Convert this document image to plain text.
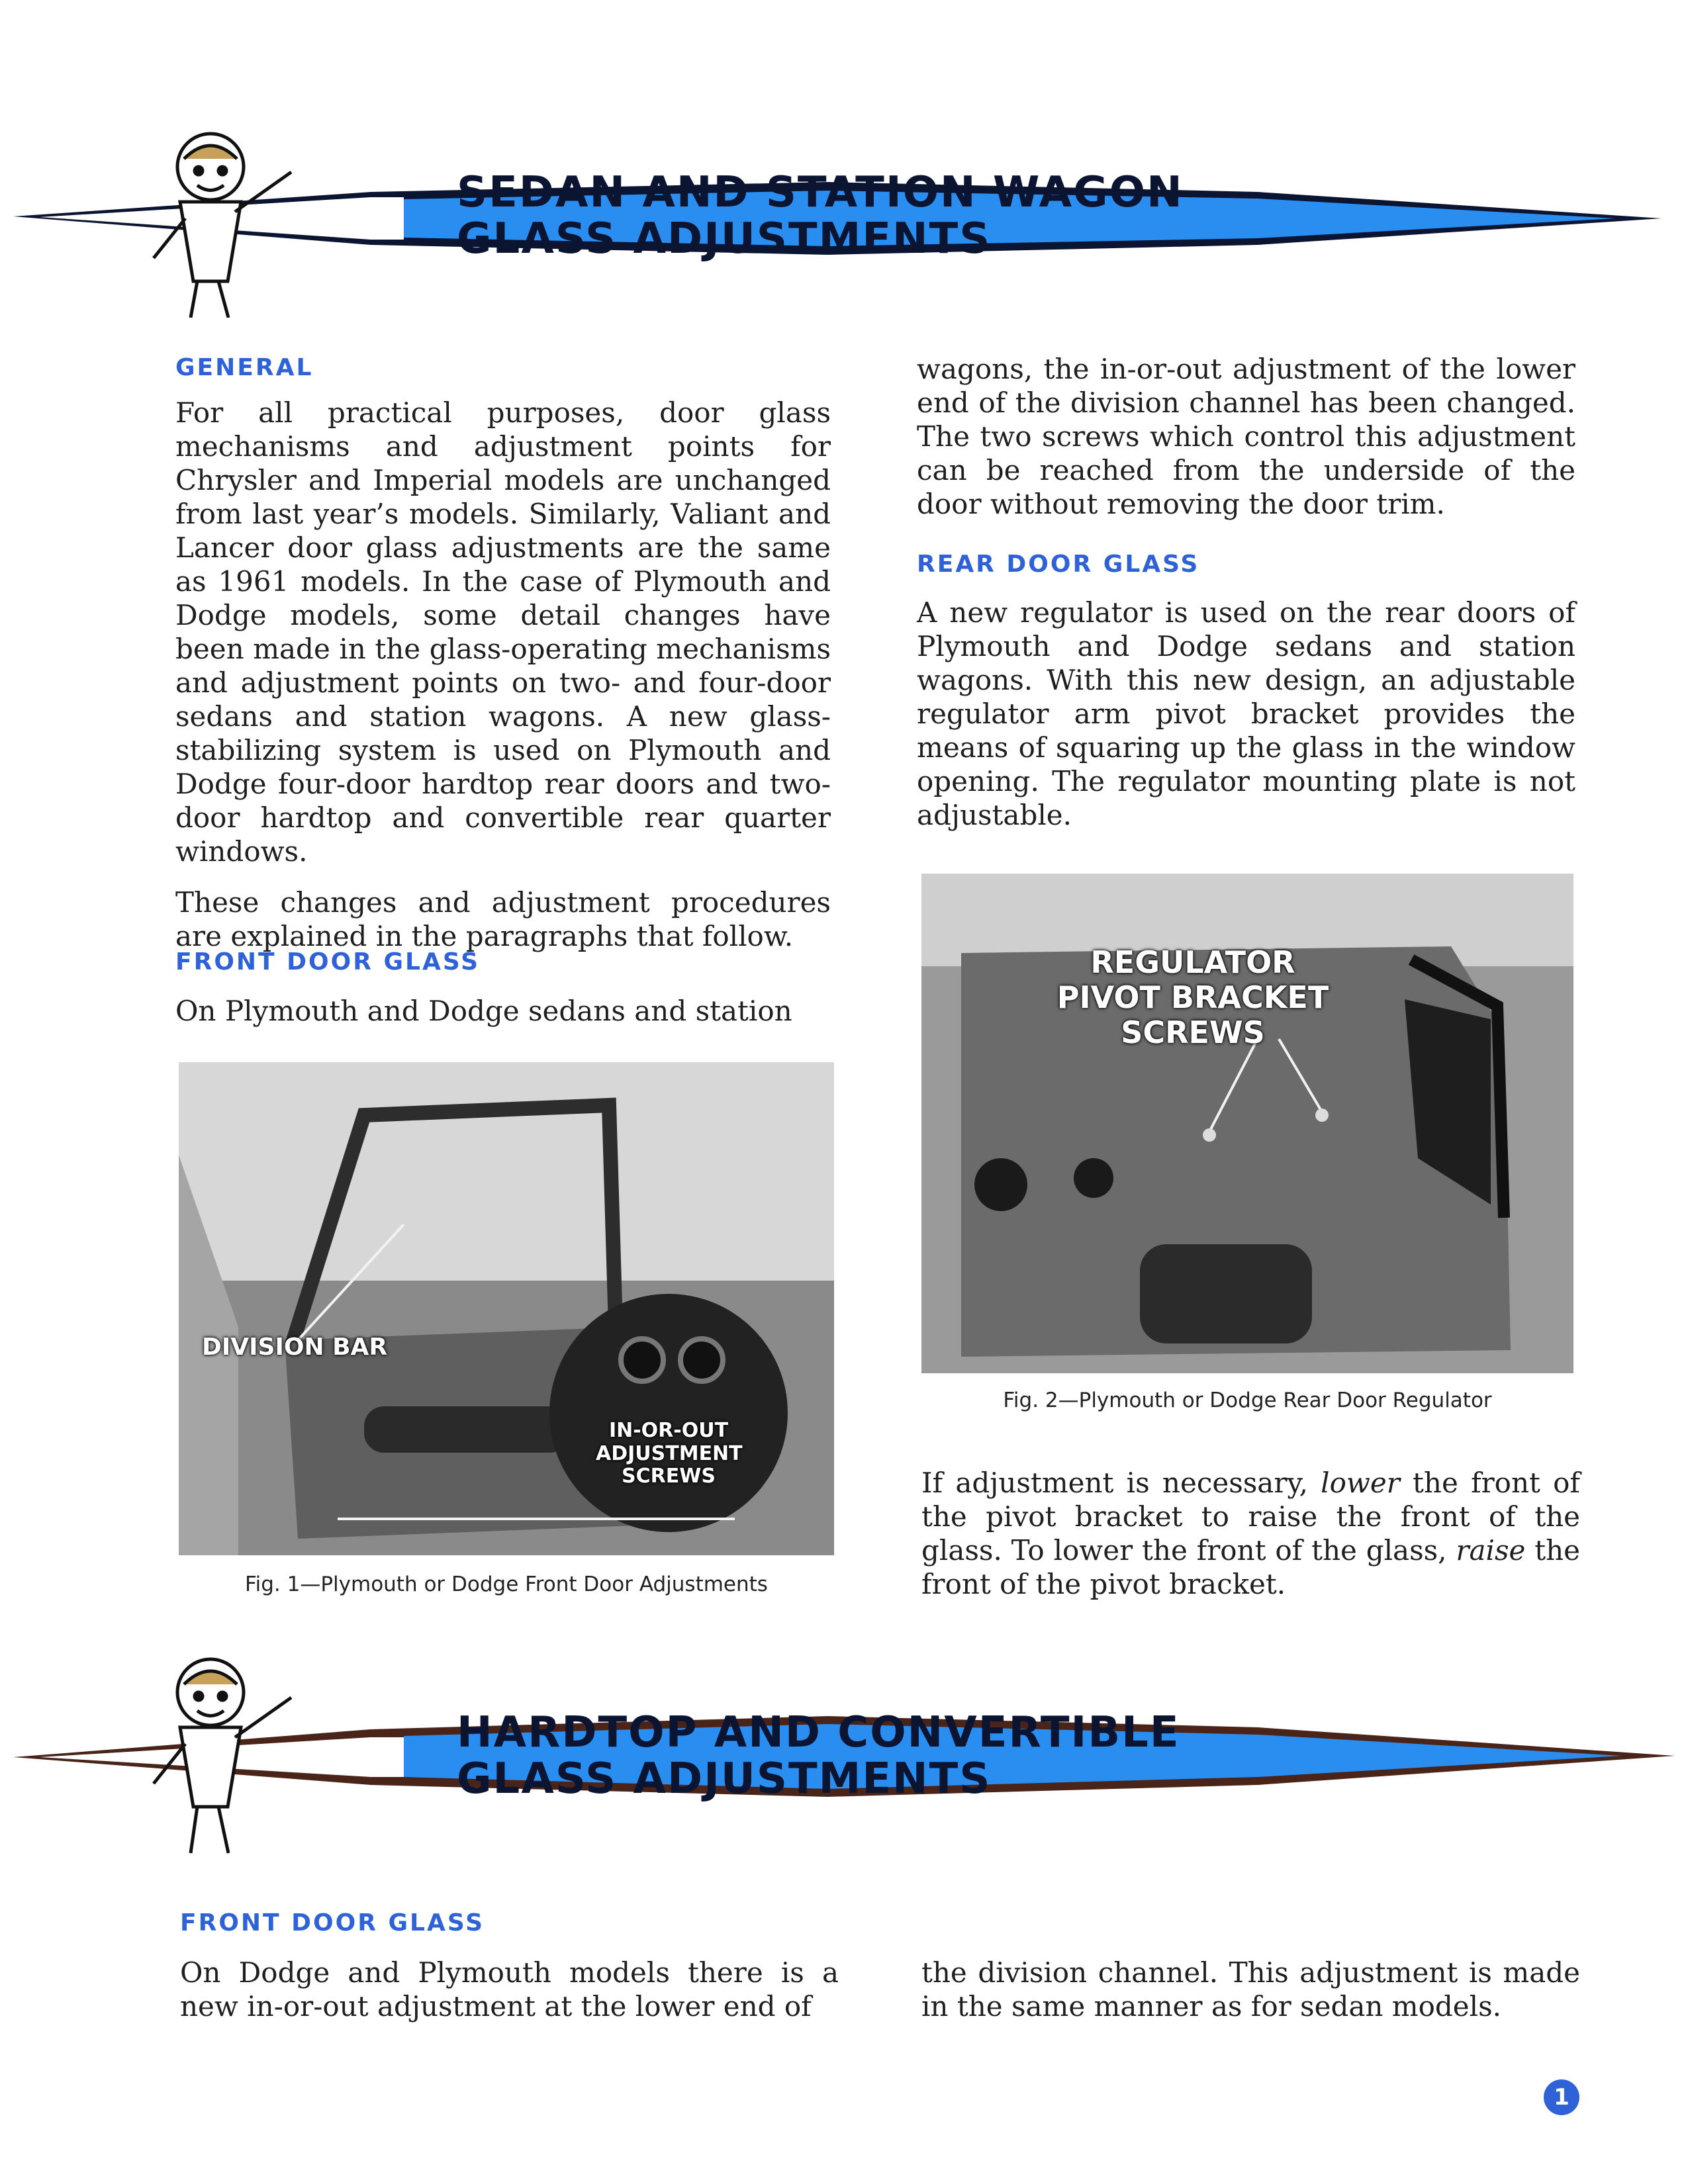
SEDAN AND STATION WAGON
GLASS ADJUSTMENTS
GENERAL

For all practical purposes, door glass mechanisms and adjustment points for Chrysler and Imperial models are unchanged from last year’s models. Similarly, Valiant and Lancer door glass adjustments are the same as 1961 models. In the case of Plymouth and Dodge models, some detail changes have been made in the glass-operating mechanisms and adjustment points on two- and four-door sedans and station wagons. A new glass-stabilizing system is used on Plymouth and Dodge four-door hardtop rear doors and two-door hardtop and convertible rear quarter windows.

These changes and adjustment procedures are explained in the paragraphs that follow.

FRONT DOOR GLASS

On Plymouth and Dodge sedans and station

DIVISION BAR
IN-OR-OUT
ADJUSTMENT
SCREWS
Fig. 1—Plymouth or Dodge Front Door Adjustments

wagons, the in-or-out adjustment of the lower end of the division channel has been changed. The two screws which control this adjustment can be reached from the underside of the door without removing the door trim.

REAR DOOR GLASS

A new regulator is used on the rear doors of Plymouth and Dodge sedans and station wagons. With this new design, an adjustable regulator arm pivot bracket provides the means of squaring up the glass in the window opening. The regulator mounting plate is not adjustable.

REGULATOR
PIVOT BRACKET SCREWS
Fig. 2—Plymouth or Dodge Rear Door Regulator

If adjustment is necessary, lower the front of the pivot bracket to raise the front of the glass. To lower the front of the glass, raise the front of the pivot bracket.

HARDTOP AND CONVERTIBLE
GLASS ADJUSTMENTS
FRONT DOOR GLASS

On Dodge and Plymouth models there is a new in-or-out adjustment at the lower end of

the division channel. This adjustment is made in the same manner as for sedan models.

1
